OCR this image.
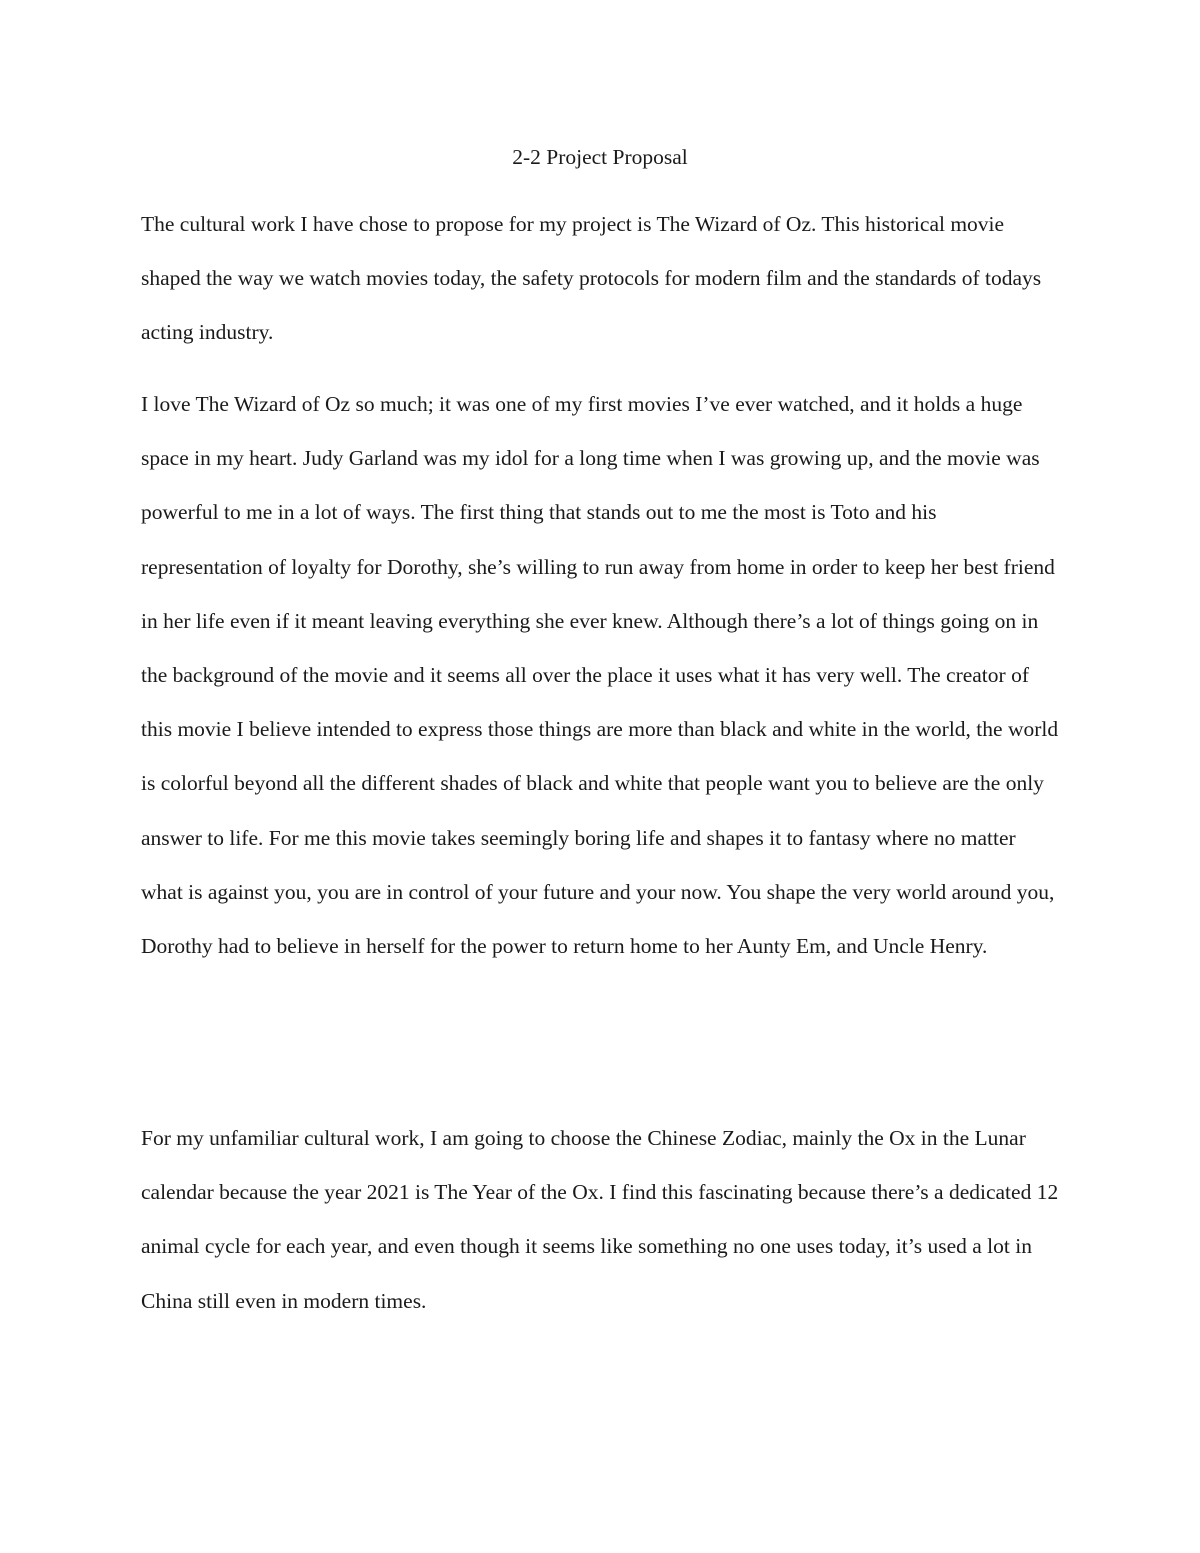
2-2 Project Proposal

The cultural work I have chose to propose for my project is The Wizard of Oz. This historical movie shaped the way we watch movies today, the safety protocols for modern film and the standards of todays acting industry.

I love The Wizard of Oz so much; it was one of my first movies I’ve ever watched, and it holds a huge space in my heart. Judy Garland was my idol for a long time when I was growing up, and the movie was powerful to me in a lot of ways. The first thing that stands out to me the most is Toto and his representation of loyalty for Dorothy, she’s willing to run away from home in order to keep her best friend in her life even if it meant leaving everything she ever knew. Although there’s a lot of things going on in the background of the movie and it seems all over the place it uses what it has very well. The creator of this movie I believe intended to express those things are more than black and white in the world, the world is colorful beyond all the different shades of black and white that people want you to believe are the only answer to life. For me this movie takes seemingly boring life and shapes it to fantasy where no matter what is against you, you are in control of your future and your now. You shape the very world around you, Dorothy had to believe in herself for the power to return home to her Aunty Em, and Uncle Henry.

For my unfamiliar cultural work, I am going to choose the Chinese Zodiac, mainly the Ox in the Lunar calendar because the year 2021 is The Year of the Ox. I find this fascinating because there’s a dedicated 12 animal cycle for each year, and even though it seems like something no one uses today, it’s used a lot in China still even in modern times.
